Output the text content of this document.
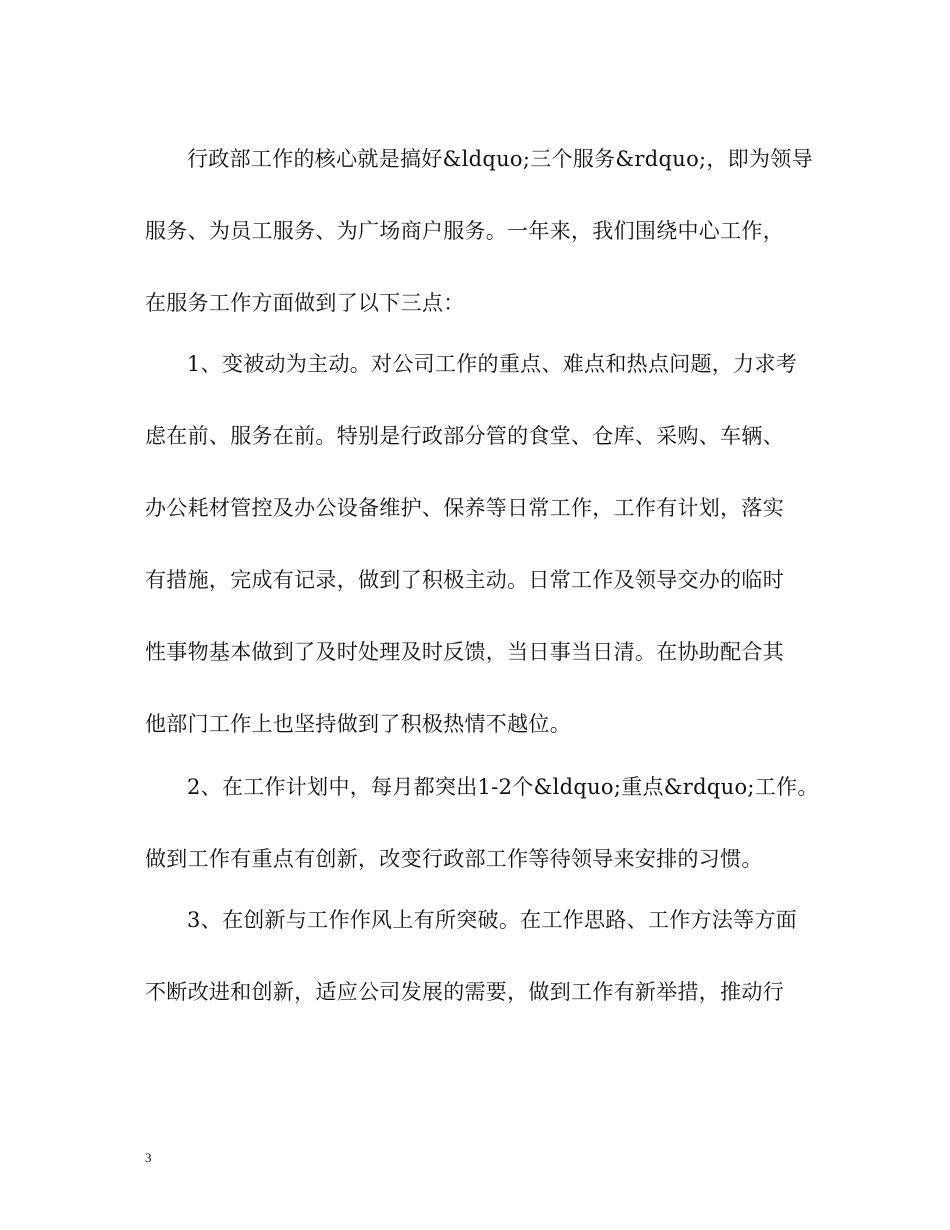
行政部工作的核心就是搞好&ldquo;三个服务&rdquo;，即为领导
服务、为员工服务、为广场商户服务。一年来，我们围绕中心工作，
在服务工作方面做到了以下三点：
1、变被动为主动。对公司工作的重点、难点和热点问题，力求考
虑在前、服务在前。特别是行政部分管的食堂、仓库、采购、车辆、
办公耗材管控及办公设备维护、保养等日常工作，工作有计划，落实
有措施，完成有记录，做到了积极主动。日常工作及领导交办的临时
性事物基本做到了及时处理及时反馈，当日事当日清。在协助配合其
他部门工作上也坚持做到了积极热情不越位。
2、在工作计划中，每月都突出1-2个&ldquo;重点&rdquo;工作。
做到工作有重点有创新，改变行政部工作等待领导来安排的习惯。
3、在创新与工作作风上有所突破。在工作思路、工作方法等方面
不断改进和创新，适应公司发展的需要，做到工作有新举措，推动行
3
